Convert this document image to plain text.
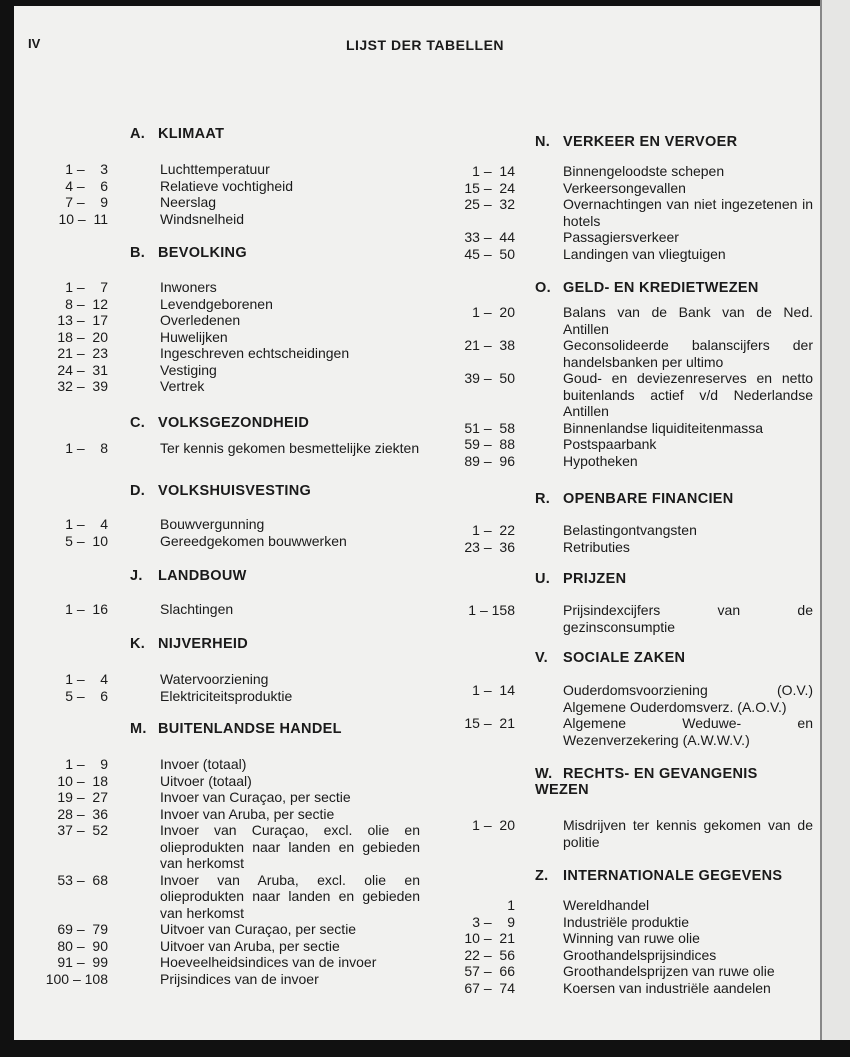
IV	LIJST DER TABELLEN
A. KLIMAAT
1 –    3	Luchttemperatuur
4 –    6	Relatieve vochtigheid
7 –    9	Neerslag
10 –  11	Windsnelheid
B. BEVOLKING
1 –    7	Inwoners
8 –  12	Levendgeborenen
13 –  17	Overledenen
18 –  20	Huwelijken
21 –  23	Ingeschreven echtscheidingen
24 –  31	Vestiging
32 –  39	Vertrek
C. VOLKSGEZONDHEID
1 –    8	Ter kennis gekomen besmettelijke ziekten
D. VOLKSHUISVESTING
1 –    4	Bouwvergunning
5 –  10	Gereedgekomen bouwwerken
J. LANDBOUW
1 –  16	Slachtingen
K. NIJVERHEID
1 –    4	Watervoorziening
5 –    6	Elektriciteitsproduktie
M. BUITENLANDSE HANDEL
1 –    9	Invoer (totaal)
10 –  18	Uitvoer (totaal)
19 –  27	Invoer van Curaçao, per sectie
28 –  36	Invoer van Aruba, per sectie
37 –  52	Invoer van Curaçao, excl. olie en olieprodukten naar landen en gebieden van herkomst
53 –  68	Invoer van Aruba, excl. olie en olieprodukten naar landen en gebieden van herkomst
69 –  79	Uitvoer van Curaçao, per sectie
80 –  90	Uitvoer van Aruba, per sectie
91 –  99	Hoeveelheidsindices van de invoer
100 – 108	Prijsindices van de invoer
N. VERKEER EN VERVOER
1 –  14	Binnengeloodste schepen
15 –  24	Verkeersongevallen
25 –  32	Overnachtingen van niet ingezetenen in hotels
33 –  44	Passagiersverkeer
45 –  50	Landingen van vliegtuigen
O. GELD- EN KREDIETWEZEN
1 –  20	Balans van de Bank van de Ned. Antillen
21 –  38	Geconsolideerde balanscijfers der handelsbanken per ultimo
39 –  50	Goud- en deviezenreserves en netto buitenlands actief v/d Nederlandse Antillen
51 –  58	Binnenlandse liquiditeitenmassa
59 –  88	Postspaarbank
89 –  96	Hypotheken
R. OPENBARE FINANCIEN
1 –  22	Belastingontvangsten
23 –  36	Retributies
U. PRIJZEN
1 – 158	Prijsindexcijfers van de gezinsconsumptie
V. SOCIALE ZAKEN
1 –  14	Ouderdomsvoorziening (O.V.) Algemene Ouderdomsverz. (A.O.V.)
15 –  21	Algemene Weduwe- en Wezenverzekering (A.W.W.V.)
W. RECHTS- EN GEVANGENIS WEZEN
1 –  20	Misdrijven ter kennis gekomen van de politie
Z. INTERNATIONALE GEGEVENS
1	Wereldhandel
3 –    9	Industriële produktie
10 –  21	Winning van ruwe olie
22 –  56	Groothandelsprijsindices
57 –  66	Groothandelsprijzen van ruwe olie
67 –  74	Koersen van industriële aandelen
